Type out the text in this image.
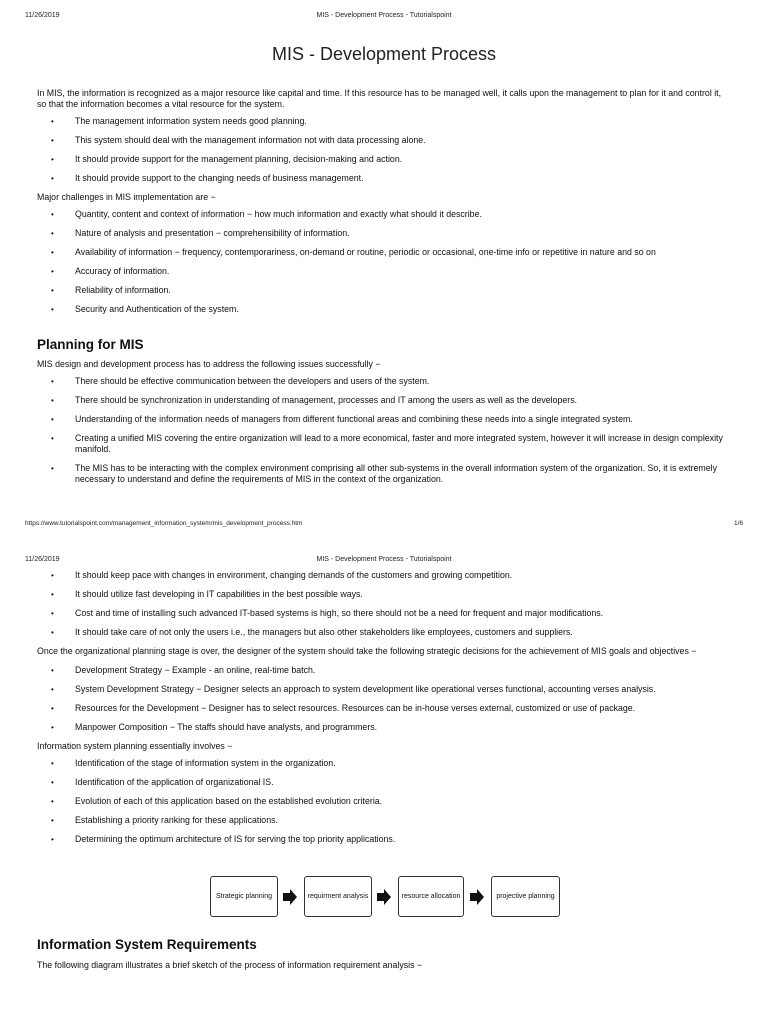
11/26/2019	MIS - Development Process - Tutorialspoint
MIS - Development Process

In MIS, the information is recognized as a major resource like capital and time. If this resource has to be managed well, it calls upon the management to plan for it and control it, so that the information becomes a vital resource for the system.

• The management information system needs good planning.
• This system should deal with the management information not with data processing alone.
• It should provide support for the management planning, decision-making and action.
• It should provide support to the changing needs of business management.

Major challenges in MIS implementation are −

• Quantity, content and context of information − how much information and exactly what should it describe.
• Nature of analysis and presentation − comprehensibility of information.
• Availability of information − frequency, contemporariness, on-demand or routine, periodic or occasional, one-time info or repetitive in nature and so on
• Accuracy of information.
• Reliability of information.
• Security and Authentication of the system.
Planning for MIS

MIS design and development process has to address the following issues successfully −

• There should be effective communication between the developers and users of the system.
• There should be synchronization in understanding of management, processes and IT among the users as well as the developers.
• Understanding of the information needs of managers from different functional areas and combining these needs into a single integrated system.
• Creating a unified MIS covering the entire organization will lead to a more economical, faster and more integrated system, however it will increase in design complexity manifold.
• The MIS has to be interacting with the complex environment comprising all other sub-systems in the overall information system of the organization. So, it is extremely necessary to understand and define the requirements of MIS in the context of the organization.
https://www.tutorialspoint.com/management_information_system/mis_development_process.htm	1/6
11/26/2019	MIS - Development Process - Tutorialspoint
• It should keep pace with changes in environment, changing demands of the customers and growing competition.
• It should utilize fast developing in IT capabilities in the best possible ways.
• Cost and time of installing such advanced IT-based systems is high, so there should not be a need for frequent and major modifications.
• It should take care of not only the users i.e., the managers but also other stakeholders like employees, customers and suppliers.

Once the organizational planning stage is over, the designer of the system should take the following strategic decisions for the achievement of MIS goals and objectives −

• Development Strategy − Example - an online, real-time batch.
• System Development Strategy − Designer selects an approach to system development like operational verses functional, accounting verses analysis.
• Resources for the Development − Designer has to select resources. Resources can be in-house verses external, customized or use of package.
• Manpower Composition − The staffs should have analysts, and programmers.

Information system planning essentially involves −

• Identification of the stage of information system in the organization.
• Identification of the application of organizational IS.
• Evolution of each of this application based on the established evolution criteria.
• Establishing a priority ranking for these applications.
• Determining the optimum architecture of IS for serving the top priority applications.
Strategic planning	requirment analysis	resource allocation	projective planning
Information System Requirements

The following diagram illustrates a brief sketch of the process of information requirement analysis −
